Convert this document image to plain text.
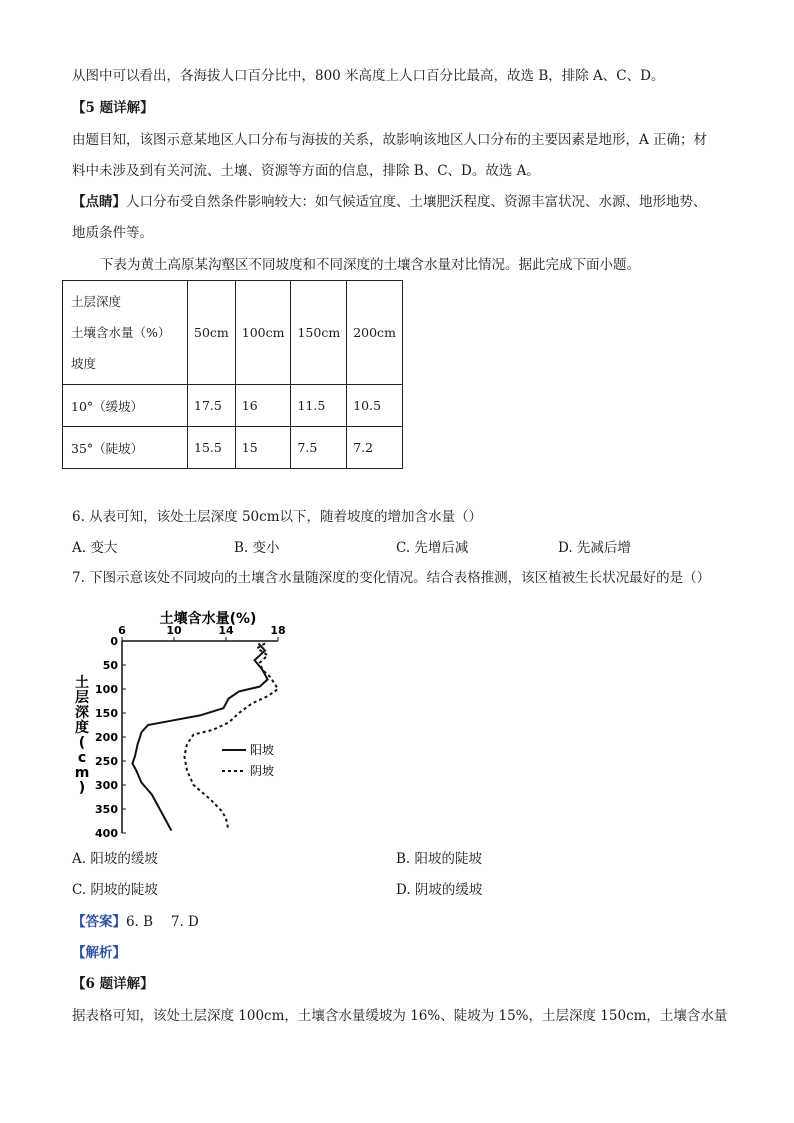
从图中可以看出，各海拔人口百分比中，800 米高度上人口百分比最高，故选 B，排除 A、C、D。
【5 题详解】
由题目知，该图示意某地区人口分布与海拔的关系，故影响该地区人口分布的主要因素是地形，A 正确；材
料中未涉及到有关河流、土壤、资源等方面的信息，排除 B、C、D。故选 A。
【点睛】人口分布受自然条件影响较大：如气候适宜度、土壤肥沃程度、资源丰富状况、水源、地形地势、
地质条件等。
下表为黄土高原某沟壑区不同坡度和不同深度的土壤含水量对比情况。据此完成下面小题。
土层深度
土壤含水量（%）
坡度	50cm	100cm	150cm	200cm
10°（缓坡）	17.5	16	11.5	10.5
35°（陡坡）	15.5	15	7.5	7.2
6. 从表可知，该处土层深度 50cm以下，随着坡度的增加含水量（）
A. 变大	B. 变小	C. 先增后减	D. 先减后增
7. 下图示意该处不同坡向的土壤含水量随深度的变化情况。结合表格推测，该区植被生长状况最好的是（）
土壤含水量(%)
6	10	14	18
0
50
100
150
200
250
300
350
400
土层深度( c m )
阳坡
阴坡
A. 阳坡的缓坡	B. 阳坡的陡坡
C. 阴坡的陡坡	D. 阴坡的缓坡
【答案】6. B　 7. D
【解析】
【6 题详解】
据表格可知，该处土层深度 100cm，土壤含水量缓坡为 16%、陡坡为 15%，土层深度 150cm，土壤含水量
